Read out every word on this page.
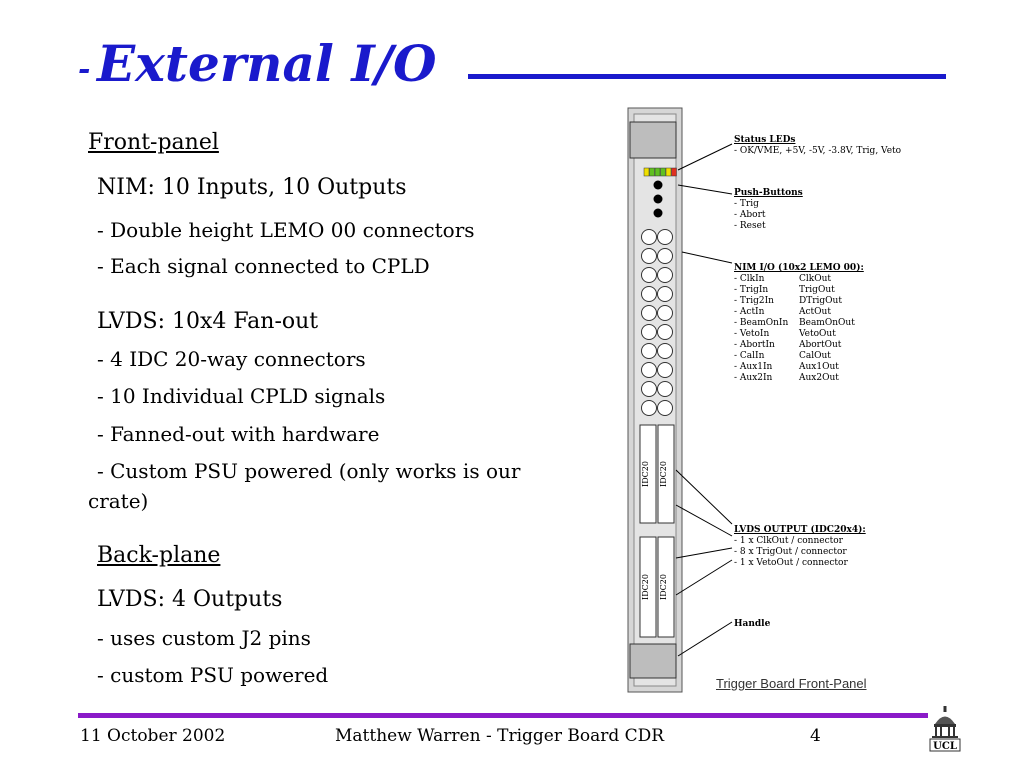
- External I/O
Front-panel
NIM: 10 Inputs, 10 Outputs
- Double height LEMO 00 connectors
- Each signal connected to CPLD
LVDS: 10x4 Fan-out
- 4 IDC 20-way connectors
- 10 Individual CPLD signals
- Fanned-out with hardware
- Custom PSU powered (only works is our
crate)
Back-plane
LVDS: 4 Outputs
- uses custom J2 pins
- custom PSU powered
IDC20 IDC20
IDC20 IDC20
Status LEDs
- OK/VME, +5V, -5V, -3.8V, Trig, Veto
Push-Buttons
- Trig
- Abort
- Reset
NIM I/O (10x2 LEMO 00):
- ClkIn	ClkOut
- TrigIn	TrigOut
- Trig2In	DTrigOut
- ActIn	ActOut
- BeamOnIn BeamOnOut
- VetoIn	VetoOut
- AbortIn	AbortOut
- CalIn	CalOut
- Aux1In	Aux1Out
- Aux2In	Aux2Out
LVDS OUTPUT (IDC20x4):
- 1 x ClkOut / connector
- 8 x TrigOut / connector
- 1 x VetoOut / connector
Handle
Trigger Board Front-Panel
11 October 2002	Matthew Warren - Trigger Board CDR	4
UCL
